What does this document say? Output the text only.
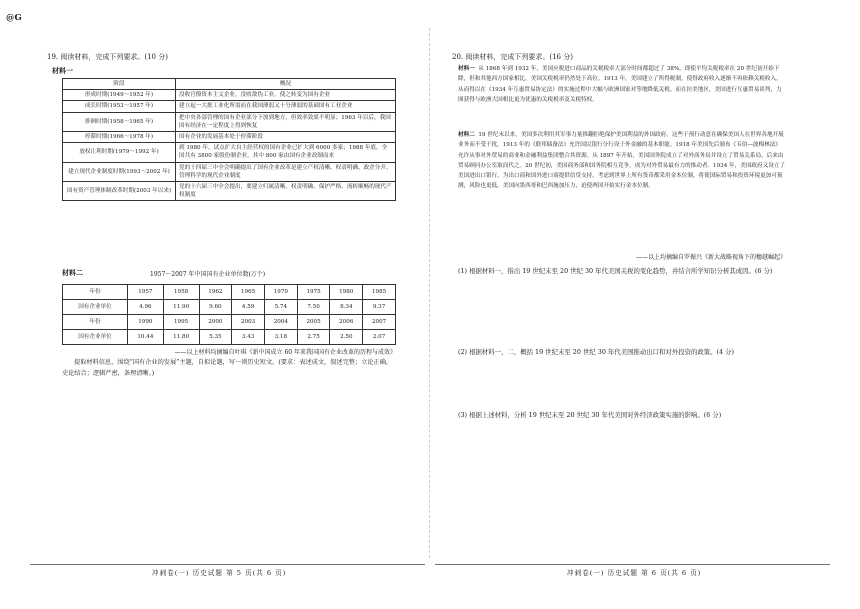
@G
19. 阅读材料，完成下列要求。(10 分)
材料一
阶段	概况
形成时期(1949～1952 年)	没收官僚资本主义企业，没收敌伪工业，使之转变为国有企业
成长时期(1953～1957 年)	建立起一大批工业化所需而在我国薄弱又十分薄弱的基础国有工业企业
徘徊时期(1958～1965 年)	把中央各部管理的国有企业部分下放到地方，但效率效果不明显；1963 年以后，我国国有经济在一定程度上得到恢复
停滞时期(1966～1978 年)	国有企业的发展基本处于停滞阶段
放权让利时期(1979～1992 年)	到 1980 年，试点扩大自主经营权的国有企业已扩大到 6000 多家；1988 年底，全国共有 3800 家股份制企业，其中 800 家由国有企业改制而来
建立现代企业制度时期(1993～2002 年)	党的十四届三中全会明确提出了国有企业改革是建立产权清晰、权责明确、政企分开、管理科学的现代企业制度
国有资产管理体制改革时期(2003 年以来)	党的十六届三中全会提出，要建立归属清晰、权责明确、保护严格、流转顺畅的现代产权制度
材料二	1957～2007 年中国国有企业单位数(万个)
年份	1957	1958	1962	1965	1970	1975	1980	1985
国有企业单位	4.96	11.90	9.60	4.59	5.74	7.50	8.34	9.37
年份	1990	1995	2000	2003	2004	2005	2006	2007
国有企业单位	10.44	11.80	5.35	3.43	3.18	2.75	2.50	2.07
——以上材料均摘编自叶琪《新中国成立 60 年来我国国有企业改革的历程与成效》
提取材料信息，围绕“国有企业的发展”主题，自拟论题，写一则历史短文。(要求：表述成文，叙述完整；立论正确，史论结合；逻辑严密，条理清晰。)
冲刺卷(一) 历史试题 第 5 页(共 6 页)
20. 阅读材料，完成下列要求。(16 分)
材料一 从 1868 年到 1932 年，美国应税进口商品的关税税率大部分时间都超过了 38%，即使平均关税税率在 20 世纪初开始下降，但和其他西方国家相比，美国关税税率仍然处于高位。1913 年，美国建立了所得税制，使得政府收入逐渐不再依赖关税收入，从而得以在《1934 年互惠贸易协定法》的实施过程中大幅与欧洲国家对等地降低关税。而在拉美地区，美国进行互惠贸易谈判，力图获得与欧洲大国相比更为优惠的关税税率及关税特权。
材料二 19 世纪末以来，美国多次利用其军事力量推翻拒绝保护美国利益的外国政府，这些干预行动意在确保美国人在世界各地开展业务而不受干扰。1913 年的《联邦储备法》允许国民银行分行设于外金融的基本职能。1918 年美国先后颁布《韦伯—波梅林法》允许从事对外贸易的商业和金融利益集团整合其资源。从 1897 年开始，美国国务院成立了对外商务局并设立了贸易关系局，后来由贸易顾问办公室取而代之。20 世纪初，美国商务部和国务院相互竞争，成为对外贸易最有力的推动者。1934 年，美国政府又设立了美国进出口银行，为出口商和国外进口商提供信贷支持。考虑到世界上所有货币都采用金本位制，将使国际贸易和投资环境更加可预测，风险也更低。美国向墨西哥和巴西施加压力，迫使两国开始实行金本位制。
——以上均摘编自罗振兴《新大战略视角下的穗越崛起》
(1) 根据材料一，指出 19 世纪末至 20 世纪 30 年代美国关税的变化趋势，并结合所学知识分析其成因。(6 分)
(2) 根据材料一、二，概括 19 世纪末至 20 世纪 30 年代美国推动出口和对外投资的政策。(4 分)
(3) 根据上述材料，分析 19 世纪末至 20 世纪 30 年代美国对外经济政策实施的影响。(6 分)
冲刺卷(一) 历史试题 第 6 页(共 6 页)
